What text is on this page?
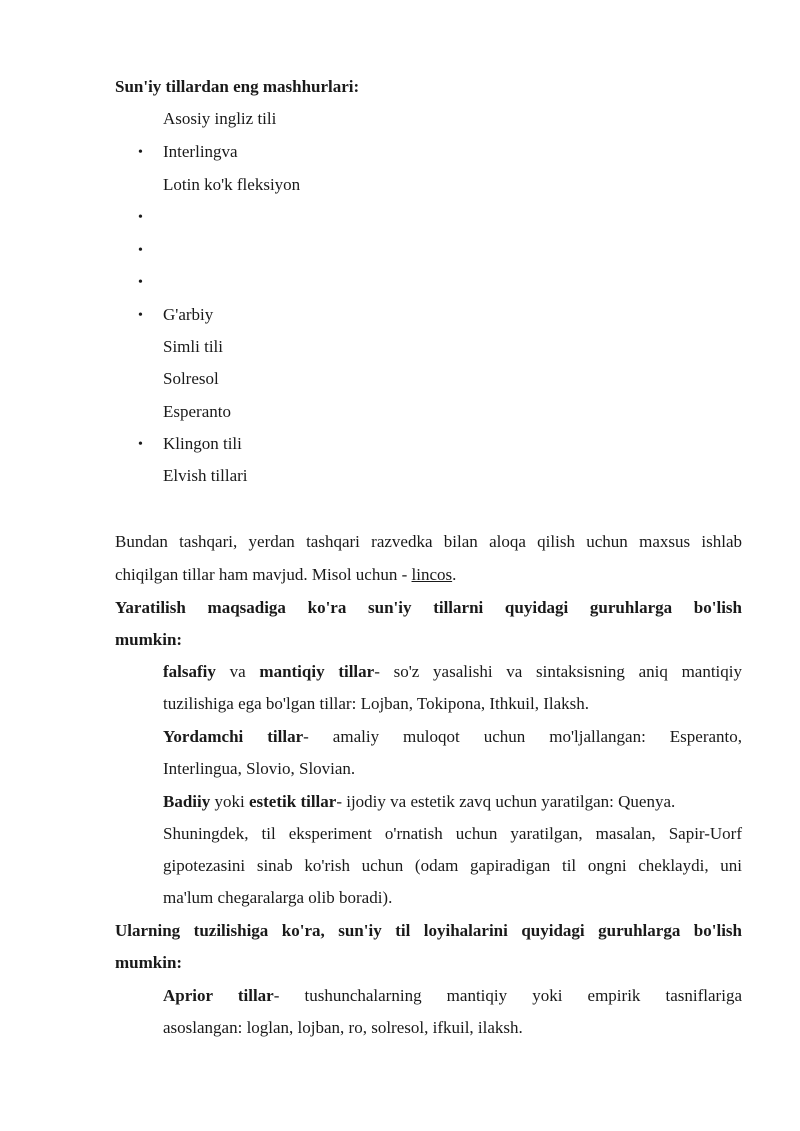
Sun'iy tillardan eng mashhurlari:
Asosiy ingliz tili
• Interlingva
Lotin ko'k fleksiyon
•
•
•
• G'arbiy
Simli tili
Solresol
Esperanto
• Klingon tili
Elvish tillari
Bundan tashqari, yerdan tashqari razvedka bilan aloqa qilish uchun maxsus ishlab
chiqilgan tillar ham mavjud. Misol uchun - lincos.
Yaratilish maqsadiga ko'ra sun'iy tillarni quyidagi guruhlarga bo'lish
mumkin:
falsafiy va mantiqiy tillar- so'z yasalishi va sintaksisning aniq mantiqiy
tuzilishiga ega bo'lgan tillar: Lojban, Tokipona, Ithkuil, Ilaksh.
Yordamchi tillar- amaliy muloqot uchun mo'ljallangan: Esperanto,
Interlingua, Slovio, Slovian.
Badiiy yoki estetik tillar- ijodiy va estetik zavq uchun yaratilgan: Quenya.
Shuningdek, til eksperiment o'rnatish uchun yaratilgan, masalan, Sapir-Uorf
gipotezasini sinab ko'rish uchun (odam gapiradigan til ongni cheklaydi, uni
ma'lum chegaralarga olib boradi).
Ularning tuzilishiga ko'ra, sun'iy til loyihalarini quyidagi guruhlarga bo'lish
mumkin:
Aprior tillar- tushunchalarning mantiqiy yoki empirik tasniflariga
asoslangan: loglan, lojban, ro, solresol, ifkuil, ilaksh.
